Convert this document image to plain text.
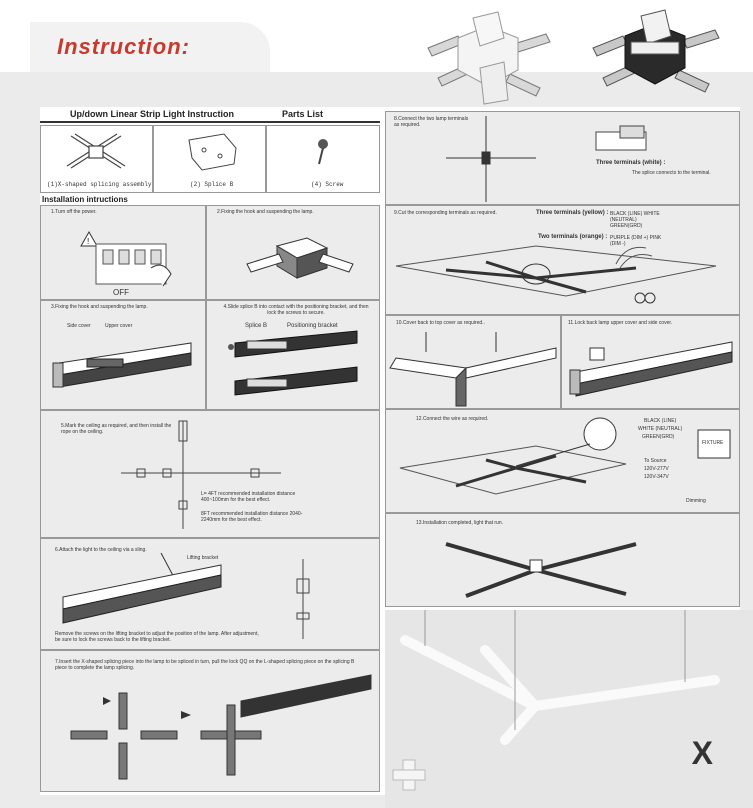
Instruction:
Up/down Linear Strip Light Instruction	Parts List
(1)X-shaped splicing assembly	(2) Splice B	(4) Screw
Installation intructions
1.Turn off the power.
!
OFF
2.Fixing the hook and suspending the lamp.
3.Fixing the hook and suspending the lamp.
Side cover	Upper cover
4.Slide splice B into contact with the positioning bracket, and then lock the screws to secure.
Splice B	Positioning bracket
5.Mark the ceiling as required, and then install the rope on the ceiling.
L= 4FT recommended installation distance 400~100mm for the best effect.
8FT recommended installation distance 2040-2240mm for the best effect.
6.Attach the light to the ceiling via a sling.
Lifting bracket
Remove the screws on the lifting bracket to adjust the position of the lamp. After adjustment, be sure to lock the screws back to the lifting bracket.
7.Insert the X-shaped splicing piece into the lamp to be spliced in turn, pull the lock QQ on the L-shaped splicing piece on the splicing B piece to complete the lamp splicing.
8.Connect the two lamp terminals as required.
Three terminals (white) :
The splice connects to the terminal.
9.Cut the corresponding terminals as required.	Three terminals (yellow) : BLACK (LINE) WHITE (NEUTRAL) GREEN(GRD)
Two terminals (orange) : PURPLE (DIM +) PINK (DIM -)
10.Cover back to top cover as required..	11.Lock back lamp upper cover and side cover.
12.Connect the wire as required.	BLACK (LINE)
WHITE (NEUTRAL)
GREEN(GRD)
FIXTURE
To Source
120V-277V
120V-347V
Dimming
13.Installation completed, light that run.
X
